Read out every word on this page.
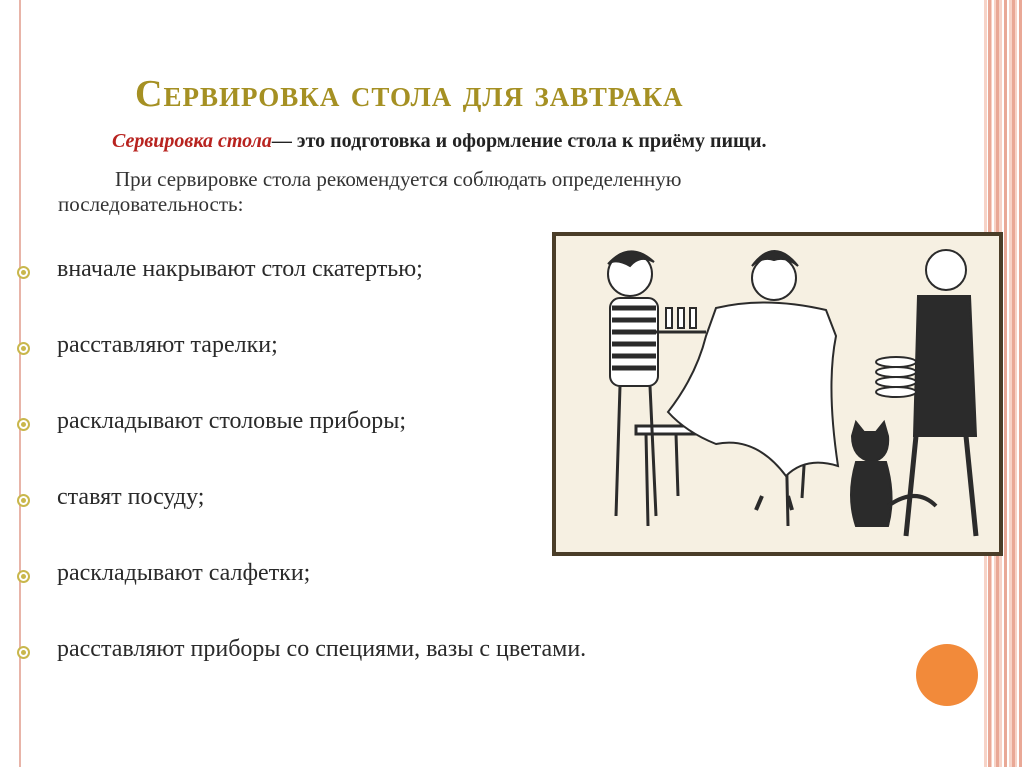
Сервировка стола для завтрака
Сервировка стола— это подготовка и оформление стола к приёму пищи.
При сервировке стола рекомендуется соблюдать определенную
последовательность:
вначале накрывают стол скатертью;
расставляют тарелки;
раскладывают столовые приборы;
ставят посуду;
раскладывают салфетки;
расставляют приборы со специями, вазы с цветами.
